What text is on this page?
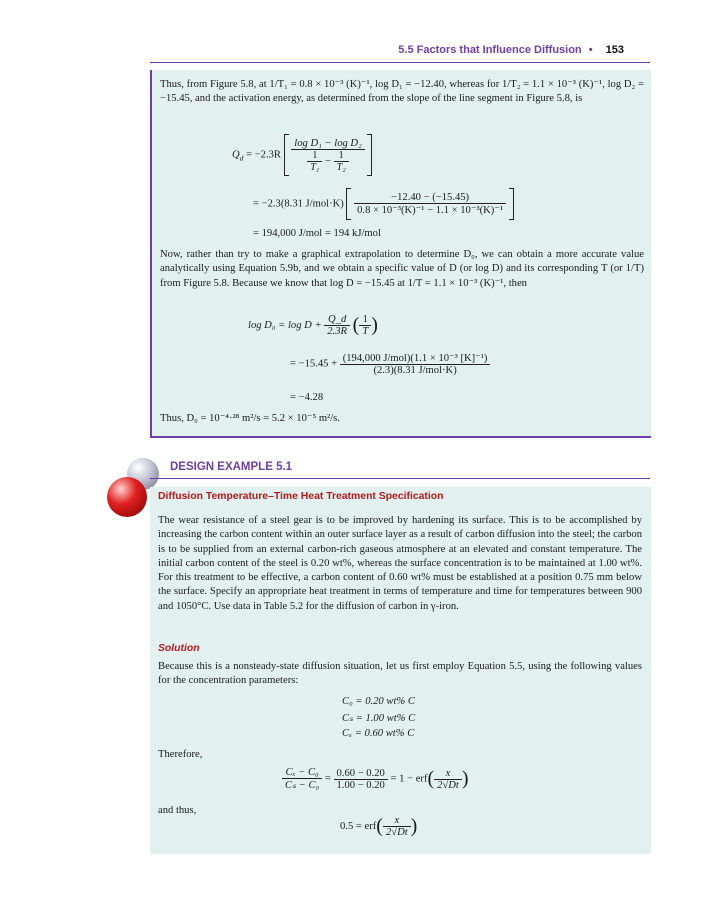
5.5 Factors that Influence Diffusion • 153
Thus, from Figure 5.8, at 1/T₁ = 0.8 × 10⁻³ (K)⁻¹, log D₁ = −12.40, whereas for 1/T₂ = 1.1 × 10⁻³ (K)⁻¹, log D₂ = −15.45, and the activation energy, as determined from the slope of the line segment in Figure 5.8, is
$Q_d = -2.3R \frac{\text{log D₁ − log D₂}}{\frac{1}{\text{T₁}} - \frac{1}{\text{T₂}}}$

= −2.3(8.31 $J/mol\cdot K) \frac{-12.40 - (-15.45)}{\text{0.8 × 10⁻³(K)⁻¹ − 1.1 × 10⁻³(K)⁻¹}}$

= 194,000 J/mol = 194 kJ/mol
Now, rather than try to make a graphical extrapolation to determine D₀, we can obtain a more accurate value analytically using Equation 5.9b, and we obtain a specific value of D (or log D) and its corresponding T (or 1/T) from Figure 5.8. Because we know that log D = −15.45 at 1/T = 1.1 × 10⁻³ (K)⁻¹, then
$\log D_0 = \log D + \frac{Q\_d}{2.3R}$ ( $\frac{1}{T}$ )
= $-15.45 + \frac{\text{(194,000 J/mol)(1.1 × 10⁻³ [K]⁻¹)}}{\text{(2.3)(8.31 J/mol·K)}}$
= −4.28
Thus, D₀ = 10⁻⁴·²⁸ m²/s = 5.2 × 10⁻⁵ m²/s.
DESIGN EXAMPLE 5.1
Diffusion Temperature–Time Heat Treatment Specification
The wear resistance of a steel gear is to be improved by hardening its surface. This is to be accomplished by increasing the carbon content within an outer surface layer as a result of carbon diffusion into the steel; the carbon is to be supplied from an external carbon-rich gaseous atmosphere at an elevated and constant temperature. The initial carbon content of the steel is 0.20 wt%, whereas the surface concentration is to be maintained at 1.00 wt%. For this treatment to be effective, a carbon content of 0.60 wt% must be established at a position 0.75 mm below the surface. Specify an appropriate heat treatment in terms of temperature and time for temperatures between 900 and 1050°C. Use data in Table 5.2 for the diffusion of carbon in γ-iron.
Solution
Because this is a nonsteady-state diffusion situation, let us first employ Equation 5.5, using the following values for the concentration parameters:
C₀ = 0.20 wt% C
Cₛ = 1.00 wt% C
Cₓ = 0.60 wt% C
Therefore,
$\frac{\text{Cₓ − C₀}}{\text{Cₛ − C₀}} = \frac{0.60 - 0.20}{1.00 - 0.20} = 1 - erf( \frac{x}{2√Dt}$ )
and thus,
$0.5 = erf( \frac{x}{2√Dt}$ )
